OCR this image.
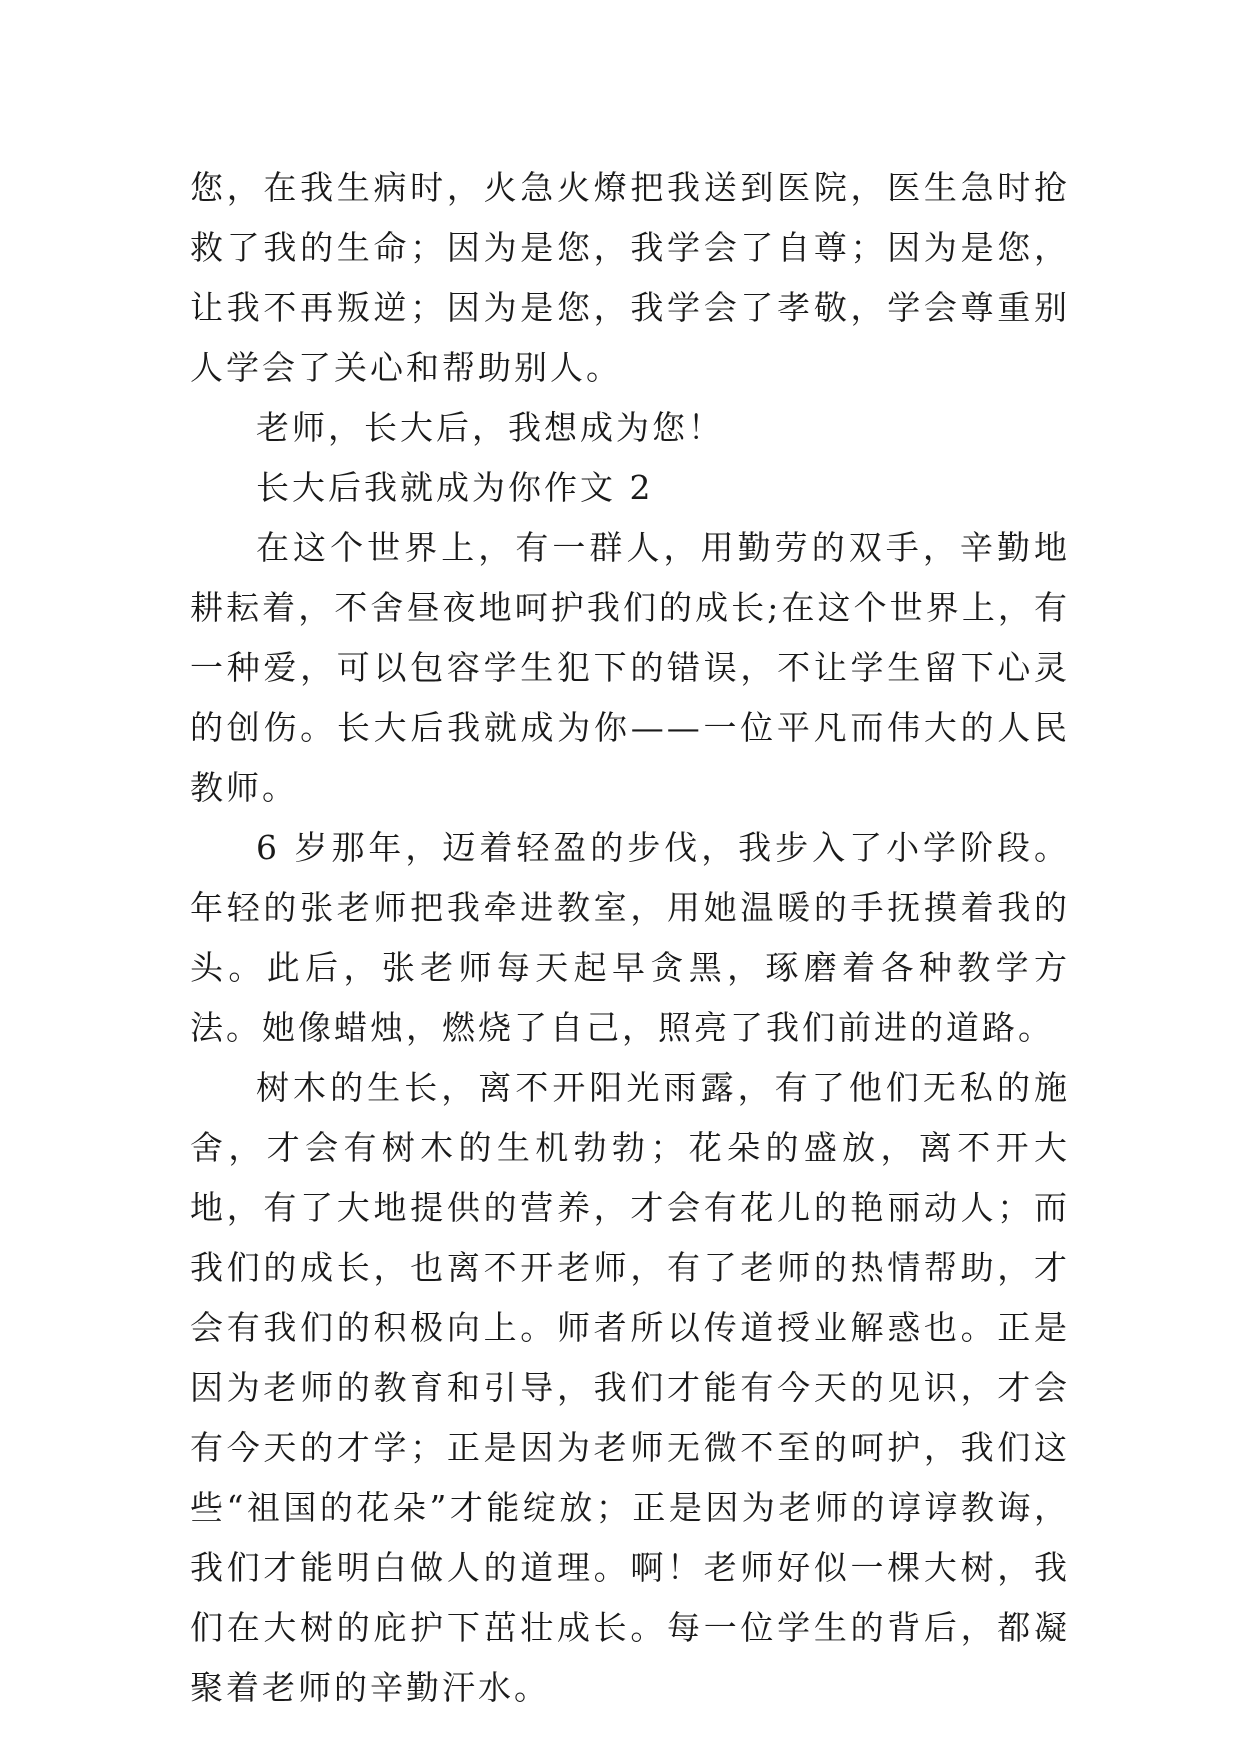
您，在我生病时，火急火燎把我送到医院，医生急时抢救了我的生命；因为是您，我学会了自尊；因为是您，让我不再叛逆；因为是您，我学会了孝敬，学会尊重别人学会了关心和帮助别人。

老师，长大后，我想成为您！

长大后我就成为你作文 2

在这个世界上，有一群人，用勤劳的双手，辛勤地耕耘着，不舍昼夜地呵护我们的成长;在这个世界上，有一种爱，可以包容学生犯下的错误，不让学生留下心灵的创伤。长大后我就成为你——一位平凡而伟大的人民教师。

6 岁那年，迈着轻盈的步伐，我步入了小学阶段。年轻的张老师把我牵进教室，用她温暖的手抚摸着我的头。此后，张老师每天起早贪黑，琢磨着各种教学方法。她像蜡烛，燃烧了自己，照亮了我们前进的道路。

树木的生长，离不开阳光雨露，有了他们无私的施舍，才会有树木的生机勃勃；花朵的盛放，离不开大地，有了大地提供的营养，才会有花儿的艳丽动人；而我们的成长，也离不开老师，有了老师的热情帮助，才会有我们的积极向上。师者所以传道授业解惑也。正是因为老师的教育和引导，我们才能有今天的见识，才会有今天的才学；正是因为老师无微不至的呵护，我们这些“祖国的花朵”才能绽放；正是因为老师的谆谆教诲，我们才能明白做人的道理。啊！老师好似一棵大树，我们在大树的庇护下茁壮成长。每一位学生的背后，都凝聚着老师的辛勤汗水。
